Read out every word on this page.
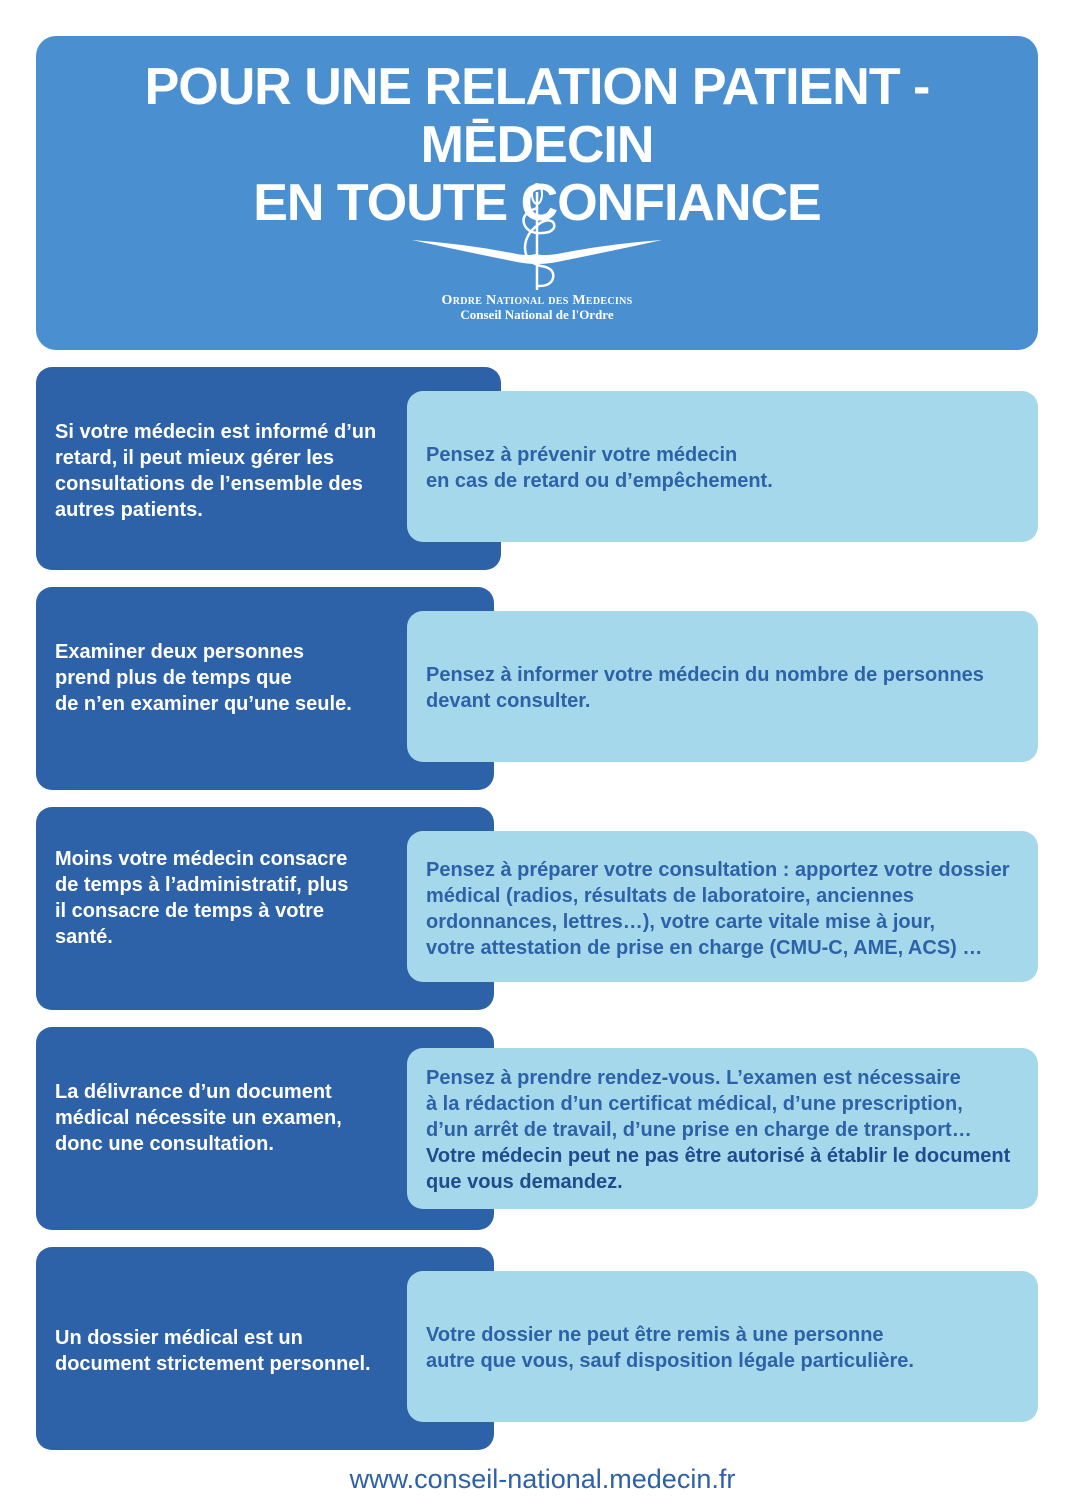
POUR UNE RELATION PATIENT - MĒDECIN
EN TOUTE CONFIANCE
Ordre National des Medecins
Conseil National de l'Ordre

Si votre médecin est informé d’un
retard, il peut mieux gérer les
consultations de l’ensemble des
autres patients.

Pensez à prévenir votre médecin
en cas de retard ou d’empêchement.

Examiner deux personnes
prend plus de temps que
de n’en examiner qu’une seule.

Pensez à informer votre médecin du nombre de personnes
devant consulter.

Moins votre médecin consacre
de temps à l’administratif, plus
il consacre de temps à votre
santé.

Pensez à préparer votre consultation : apportez votre dossier
médical (radios, résultats de laboratoire, anciennes
ordonnances, lettres…), votre carte vitale mise à jour,
votre attestation de prise en charge (CMU-C, AME, ACS) …

La délivrance d’un document
médical nécessite un examen,
donc une consultation.

Pensez à prendre rendez-vous. L’examen est nécessaire
à la rédaction d’un certificat médical, d’une prescription,
d’un arrêt de travail, d’une prise en charge de transport…
Votre médecin peut ne pas être autorisé à établir le document
que vous demandez.

Un dossier médical est un
document strictement personnel.

Votre dossier ne peut être remis à une personne
autre que vous, sauf disposition légale particulière.

www.conseil-national.medecin.fr
